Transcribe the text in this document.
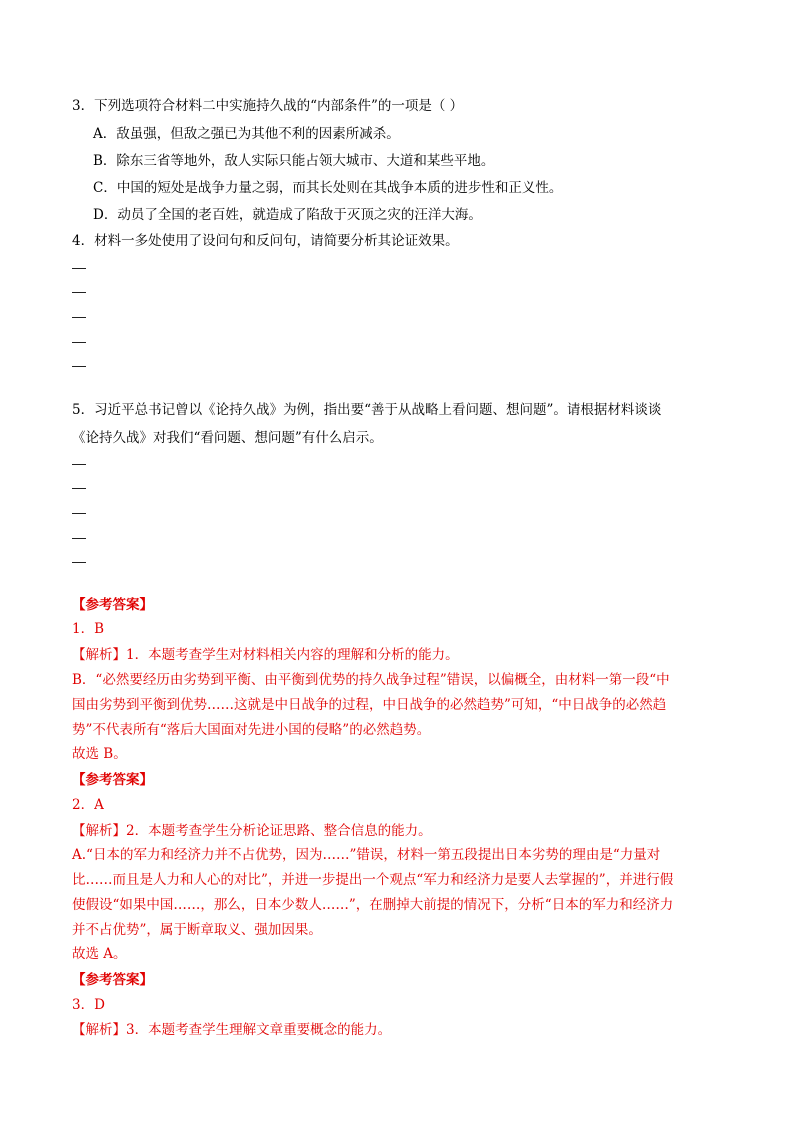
3．下列选项符合材料二中实施持久战的“内部条件”的一项是（ ）
A．敌虽强，但敌之强已为其他不利的因素所减杀。
B．除东三省等地外，敌人实际只能占领大城市、大道和某些平地。
C．中国的短处是战争力量之弱，而其长处则在其战争本质的进步性和正义性。
D．动员了全国的老百姓，就造成了陷敌于灭顶之灾的汪洋大海。
4．材料一多处使用了设问句和反问句，请简要分析其论证效果。
5．习近平总书记曾以《论持久战》为例，指出要“善于从战略上看问题、想问题”。请根据材料谈谈
《论持久战》对我们“看问题、想问题”有什么启示。
【参考答案】
1．B
【解析】1．本题考查学生对材料相关内容的理解和分析的能力。
B．“必然要经历由劣势到平衡、由平衡到优势的持久战争过程”错误，以偏概全，由材料一第一段“中
国由劣势到平衡到优势……这就是中日战争的过程，中日战争的必然趋势”可知，“中日战争的必然趋
势”不代表所有“落后大国面对先进小国的侵略”的必然趋势。
故选 B。
【参考答案】
2．A
【解析】2．本题考查学生分析论证思路、整合信息的能力。
A.“日本的军力和经济力并不占优势，因为……”错误，材料一第五段提出日本劣势的理由是“力量对
比……而且是人力和人心的对比”，并进一步提出一个观点“军力和经济力是要人去掌握的”，并进行假
使假设“如果中国……，那么，日本少数人……”，在删掉大前提的情况下，分析“日本的军力和经济力
并不占优势”，属于断章取义、强加因果。
故选 A。
【参考答案】
3．D
【解析】3．本题考查学生理解文章重要概念的能力。
